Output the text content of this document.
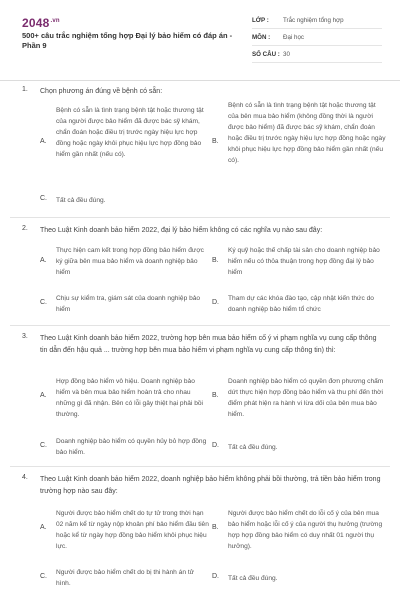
$2048^{.vn}$
500+ câu trắc nghiệm tổng hợp Đại lý bảo hiểm có đáp án - Phần 9
LỚP :	Trắc nghiệm tổng hợp
MÔN :	Đại học
SỐ CÂU : 30
1. Chọn phương án đúng về bệnh có sẵn:
A.
Bệnh có sẵn là tình trạng bệnh tật hoặc thương tật của người được bảo hiểm đã được bác sỹ khám, chẩn đoán hoặc điều trị trước ngày hiệu lực hợp đồng hoặc ngày khôi phục hiệu lực hợp đồng bảo hiểm gần nhất (nếu có).
B.
Bệnh có sẵn là tình trạng bệnh tật hoặc thương tật của bên mua bảo hiểm (không đồng thời là người được bảo hiểm) đã được bác sỹ khám, chẩn đoán hoặc điều trị trước ngày hiệu lực hợp đồng hoặc ngày khôi phục hiệu lực hợp đồng bảo hiểm gần nhất (nếu có).
C. Tất cả đều đúng.
2. Theo Luật Kinh doanh bảo hiểm 2022, đại lý bảo hiểm không có các nghĩa vụ nào sau đây:
A.
Thực hiện cam kết trong hợp đồng bảo hiểm được ký giữa bên mua bảo hiểm và doanh nghiệp bảo hiểm
B.
Ký quỹ hoặc thế chấp tài sản cho doanh nghiệp bảo hiểm nếu có thỏa thuận trong hợp đồng đại lý bảo hiểm
C.
Chịu sự kiểm tra, giám sát của doanh nghiệp bảo hiểm
D.
Tham dự các khóa đào tạo, cập nhật kiến thức do doanh nghiệp bảo hiểm tổ chức
3. Theo Luật Kinh doanh bảo hiểm 2022, trường hợp bên mua bảo hiểm cố ý vi phạm nghĩa vụ cung cấp thông tin dẫn đến hậu quả ... trường hợp bên mua bảo hiểm vi phạm nghĩa vụ cung cấp thông tin) thì:
A.
Hợp đồng bảo hiểm vô hiệu. Doanh nghiệp bảo hiểm và bên mua bảo hiểm hoàn trả cho nhau những gì đã nhận. Bên có lỗi gây thiệt hại phải bồi thường.
B.
Doanh nghiệp bảo hiểm có quyền đơn phương chấm dứt thực hiện hợp đồng bảo hiểm và thu phí đến thời điểm phát hiện ra hành vi lừa dối của bên mua bảo hiểm.
C.
Doanh nghiệp bảo hiểm có quyền hủy bỏ hợp đồng bảo hiểm.
D. Tất cả đều đúng.
4. Theo Luật Kinh doanh bảo hiểm 2022, doanh nghiệp bảo hiểm không phải bồi thường, trả tiền bảo hiểm trong trường hợp nào sau đây:
A.
Người được bảo hiểm chết do tự tử trong thời hạn 02 năm kể từ ngày nộp khoản phí bảo hiểm đầu tiên hoặc kể từ ngày hợp đồng bảo hiểm khôi phục hiệu lực.
B.
Người được bảo hiểm chết do lỗi cố ý của bên mua bảo hiểm hoặc lỗi cố ý của người thụ hưởng (trường hợp hợp đồng bảo hiểm có duy nhất 01 người thụ hưởng).
C.
Người được bảo hiểm chết do bị thi hành án tử hình.
D. Tất cả đều đúng.
